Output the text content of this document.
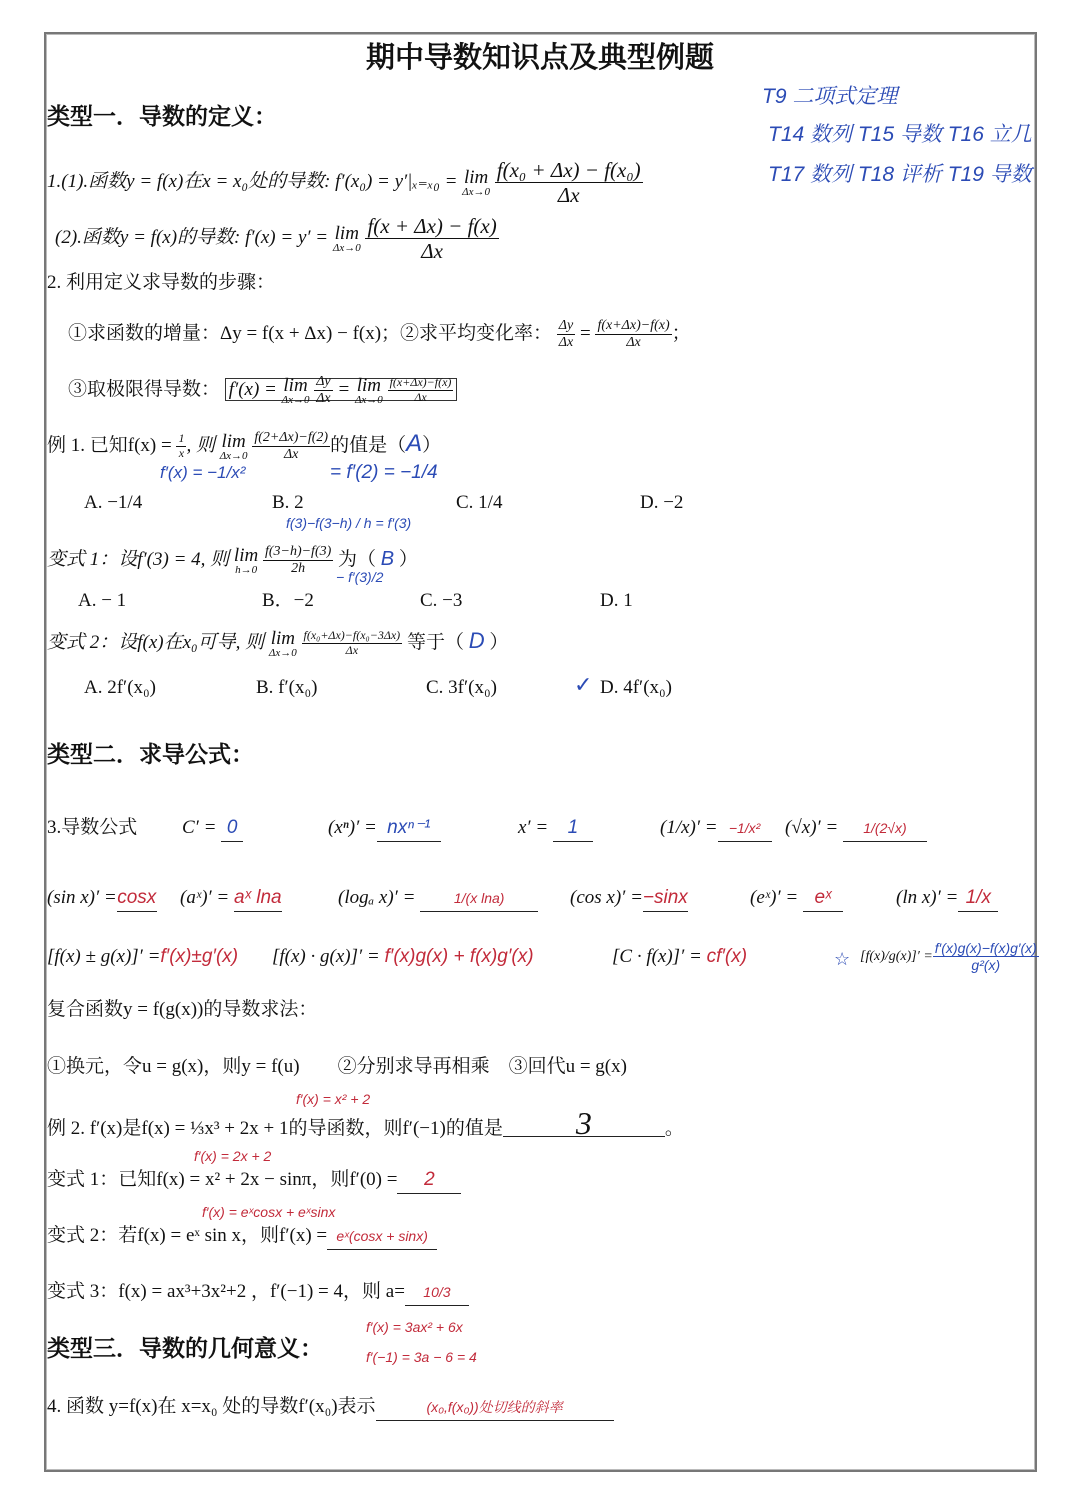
期中导数知识点及典型例题
T9 二项式定理
T14 数列 T15 导数 T16 立几
T17 数列 T18 评析 T19 导数
类型一．导数的定义：
1.(1).函数y = f(x)在x = x₀处的导数: f′(x₀) = y′|ₓ₌ₓ₀ = lim
Δx→0
$\frac{\text{f(x₀ + Δx) − f(x₀)}}{\Delta x}$
(2).函数y = f(x)的导数: f′(x) = y′ = lim
Δx→0
$\frac{f(x + \Delta x) - f(x)}{\Delta x}$
2. 利用定义求导数的步骤：
①求函数的增量：Δy = f(x + Δx) − f(x)；②求平均变化率： $\frac{\Delta y}{\Delta x} = \frac{f(x+\Delta x)-f(x)}{\Delta x}$ ；
③取极限得导数： f′(x) = lim
Δx→0
$\frac{\Delta y}{\Delta x} = \lim$
Δx→0
$\frac{f(x+\Delta x)-f(x)}{\Delta x}$
例 1. 已知$f(x) = \frac{1}{x}$ , 则 lim
Δx→0
$\frac{f(2+\Delta x)-f(2)}{\Delta x}$ 的值是（A）
f′(x) = −1/x²	= f′(2) = −1/4
A. −1/4	B. 2	C. 1/4	D. −2
f(3)−f(3−h) / h = f′(3)
变式 1：设f′(3) = 4, 则 lim
h→0
$\frac{f(3-h)-f(3)}{2h}$ 为（ B ）
− f′(3)/2
A. − 1	B．−2	C. −3	D. 1
变式 2：设f(x)在x₀可导, 则 lim
Δx→0
$\frac{\text{f(x₀+Δx)−f(x₀−3Δx)}}{\Delta x}$ 等于（ D ）
A. 2f′(x₀)	B. f′(x₀)	C. 3f′(x₀)	✓ D. 4f′(x₀)
类型二．求导公式：
3.导数公式 C′ = 0	(xⁿ)′ = nxⁿ⁻¹	x′ = 1	(1/x)′ = −1/x²	(√x)′ = 1/(2√x)
(sin x)′ =cosx (aˣ)′ = aˣ lna	(logₐ x)′ =	1/(x lna)	(cos x)′ =−sinx	(eˣ)′ = eˣ	(ln x)′ = 1/x
[f(x) ± g(x)]′ =f′(x)±g′(x) [f(x) · g(x)]′ = f′(x)g(x) + f(x)g′(x)	[C · f(x)]′ = cf′(x)	☆ $[f(x)/g(x)]' = \frac{f'(x)g(x)-f(x)g'(x)}{\text{g²(x)}}$
复合函数y = f(g(x))的导数求法：
①换元，令u = g(x)，则y = f(u)　　②分别求导再相乘　③回代u = g(x)
f′(x) = x² + 2
例 2. f′(x)是f(x) = ⅓x³ + 2x + 1的导函数，则f′(−1)的值是 3	。
f′(x) = 2x + 2
变式 1：已知f(x) = x² + 2x − sinπ，则f′(0) = 2
f′(x) = eˣcosx + eˣsinx
变式 2：若f(x) = eˣ sin x，则f′(x) = eˣ(cosx + sinx)
变式 3：f(x) = ax³+3x²+2 ，f′(−1) = 4，则 a= 10/3
类型三．导数的几何意义：
f′(x) = 3ax² + 6x
f′(−1) = 3a − 6 = 4
4. 函数 y=f(x)在 x=x₀ 处的导数f′(x₀)表示	(x₀,f(x₀))处切线的斜率
